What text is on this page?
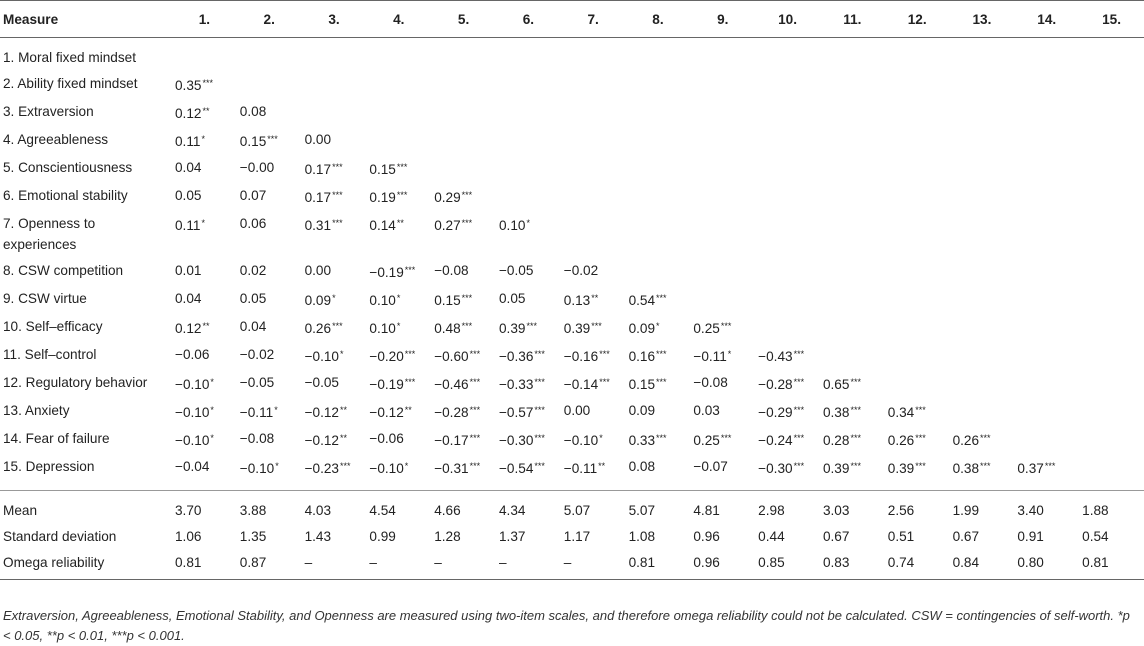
Measure	1.	2.	3.	4.	5.	6.	7.	8.	9.	10.	11.	12.	13.	14.	15.
1. Moral fixed mindset															
2. Ability fixed mindset	0.35***														
3. Extraversion	0.12**	0.08													
4. Agreeableness	0.11*	0.15***	0.00												
5. Conscientiousness	0.04	−0.00	0.17***	0.15***											
6. Emotional stability	0.05	0.07	0.17***	0.19***	0.29***										
7. Openness to experiences	0.11*	0.06	0.31***	0.14**	0.27***	0.10*									
8. CSW competition	0.01	0.02	0.00	−0.19***	−0.08	−0.05	−0.02								
9. CSW virtue	0.04	0.05	0.09*	0.10*	0.15***	0.05	0.13**	0.54***							
10. Self–efficacy	0.12**	0.04	0.26***	0.10*	0.48***	0.39***	0.39***	0.09*	0.25***						
11. Self–control	−0.06	−0.02	−0.10*	−0.20***	−0.60***	−0.36***	−0.16***	0.16***	−0.11*	−0.43***					
12. Regulatory behavior	−0.10*	−0.05	−0.05	−0.19***	−0.46***	−0.33***	−0.14***	0.15***	−0.08	−0.28***	0.65***				
13. Anxiety	−0.10*	−0.11*	−0.12**	−0.12**	−0.28***	−0.57***	0.00	0.09	0.03	−0.29***	0.38***	0.34***			
14. Fear of failure	−0.10*	−0.08	−0.12**	−0.06	−0.17***	−0.30***	−0.10*	0.33***	0.25***	−0.24***	0.28***	0.26***	0.26***		
15. Depression	−0.04	−0.10*	−0.23***	−0.10*	−0.31***	−0.54***	−0.11**	0.08	−0.07	−0.30***	0.39***	0.39***	0.38***	0.37***	
Mean	3.70	3.88	4.03	4.54	4.66	4.34	5.07	5.07	4.81	2.98	3.03	2.56	1.99	3.40	1.88
Standard deviation	1.06	1.35	1.43	0.99	1.28	1.37	1.17	1.08	0.96	0.44	0.67	0.51	0.67	0.91	0.54
Omega reliability	0.81	0.87	–	–	–	–	–	0.81	0.96	0.85	0.83	0.74	0.84	0.80	0.81
Extraversion, Agreeableness, Emotional Stability, and Openness are measured using two-item scales, and therefore omega reliability could not be calculated. CSW = contingencies of self-worth. *p < 0.05, **p < 0.01, ***p < 0.001.
